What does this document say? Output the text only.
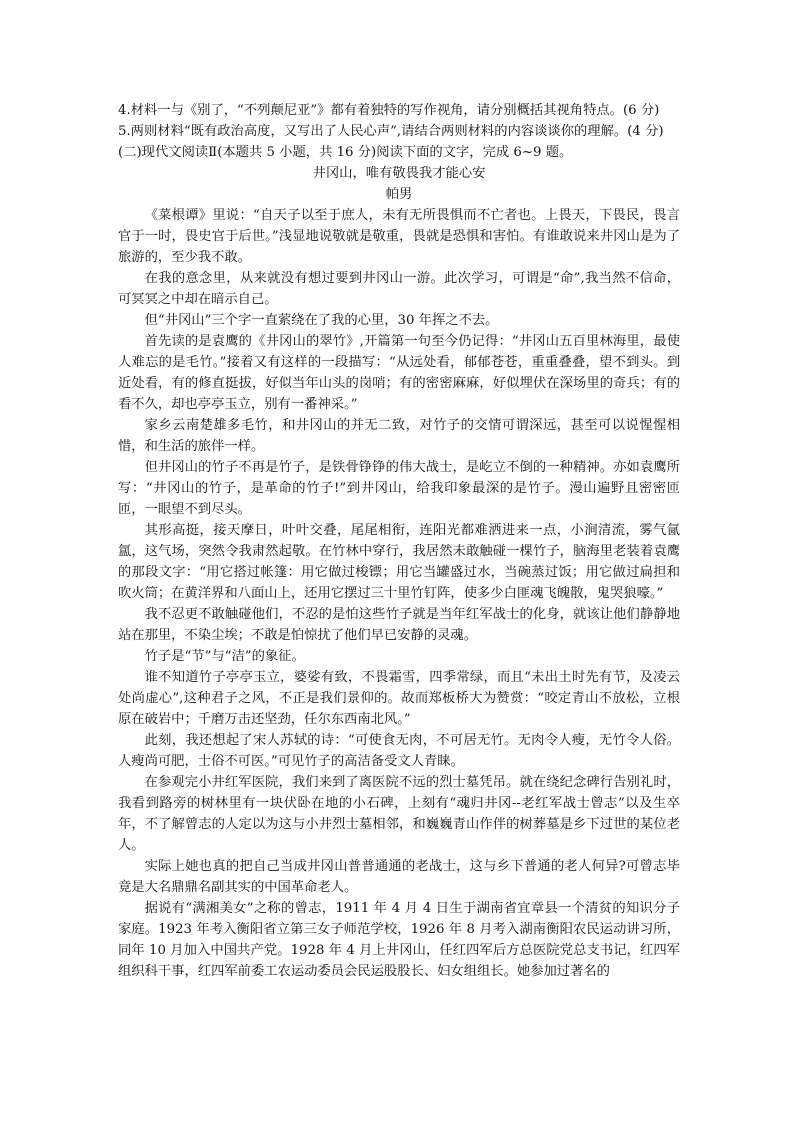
4.材料一与《别了，“不列颠尼亚”》都有着独特的写作视角，请分别概括其视角特点。(6 分)

5.两则材料“既有政治高度，又写出了人民心声”,请结合两则材料的内容谈谈你的理解。(4 分)

(二)现代文阅读Ⅱ(本题共 5 小题，共 16 分)阅读下面的文字，完成 6~9 题。

井冈山，唯有敬畏我才能心安

帕男

《菜根谭》里说：“自天子以至于庶人，未有无所畏惧而不亡者也。上畏天，下畏民，畏言官于一时，畏史官于后世。”浅显地说敬就是敬重，畏就是恐惧和害怕。有谁敢说来井冈山是为了旅游的，至少我不敢。

在我的意念里，从来就没有想过要到井冈山一游。此次学习，可谓是“命”,我当然不信命，可冥冥之中却在暗示自己。

但“井冈山”三个字一直萦绕在了我的心里，30 年挥之不去。

首先读的是袁鹰的《井冈山的翠竹》,开篇第一句至今仍记得：“井冈山五百里林海里，最使人难忘的是毛竹。”接着又有这样的一段描写：“从远处看，郁郁苍苍，重重叠叠，望不到头。到近处看，有的修直挺拔，好似当年山头的岗哨；有的密密麻麻，好似埋伏在深场里的奇兵；有的看不久，却也亭亭玉立，别有一番神采。”

家乡云南楚雄多毛竹，和井冈山的并无二致，对竹子的交情可谓深远，甚至可以说惺惺相惜，和生活的旅伴一样。

但井冈山的竹子不再是竹子，是铁骨铮铮的伟大战士，是屹立不倒的一种精神。亦如袁鹰所写：“井冈山的竹子，是革命的竹子!”到井冈山，给我印象最深的是竹子。漫山遍野且密密匝匝，一眼望不到尽头。

其形高挺，接天摩日，叶叶交叠，尾尾相衔，连阳光都难洒进来一点，小涧清流，雾气氤氲，这气场，突然令我肃然起敬。在竹林中穿行，我居然未敢触碰一棵竹子，脑海里老装着袁鹰的那段文字：“用它搭过帐篷：用它做过梭镖；用它当罐盛过水，当碗蒸过饭；用它做过扁担和吹火筒；在黄洋界和八面山上，还用它摆过三十里竹钉阵，使多少白匪魂飞魄散，鬼哭狼嚎。”

我不忍更不敢触碰他们，不忍的是怕这些竹子就是当年红军战士的化身，就该让他们静静地站在那里，不染尘埃；不敢是怕惊扰了他们早已安静的灵魂。

竹子是“节”与“洁”的象征。

谁不知道竹子亭亭玉立，婆娑有致，不畏霜雪，四季常绿，而且“未出土时先有节，及凌云处尚虚心”,这种君子之风，不正是我们景仰的。故而郑板桥大为赞赏：“咬定青山不放松，立根原在破岩中；千磨万击还坚劲，任尔东西南北风。”

此刻，我还想起了宋人苏轼的诗：“可使食无肉，不可居无竹。无肉令人瘦，无竹令人俗。人瘦尚可肥，士俗不可医。”可见竹子的高洁备受文人青睐。

在参观完小井红军医院，我们来到了离医院不远的烈士墓凭吊。就在绕纪念碑行告别礼时，我看到路旁的树林里有一块伏卧在地的小石碑，上刻有“魂归井冈--老红军战士曾志”以及生卒年，不了解曾志的人定以为这与小井烈士墓相邻，和巍巍青山作伴的树葬墓是乡下过世的某位老人。

实际上她也真的把自己当成井冈山普普通通的老战士，这与乡下普通的老人何异?可曾志毕竟是大名鼎鼎名副其实的中国革命老人。

据说有“满湘美女”之称的曾志，1911 年 4 月 4 日生于湖南省宜章县一个清贫的知识分子家庭。1923 年考入衡阳省立第三女子师范学校，1926 年 8 月考入湖南衡阳农民运动讲习所，同年 10 月加入中国共产党。1928 年 4 月上井冈山，任红四军后方总医院党总支书记，红四军组织科干事，红四军前委工农运动委员会民运股股长、妇女组组长。她参加过著名的
